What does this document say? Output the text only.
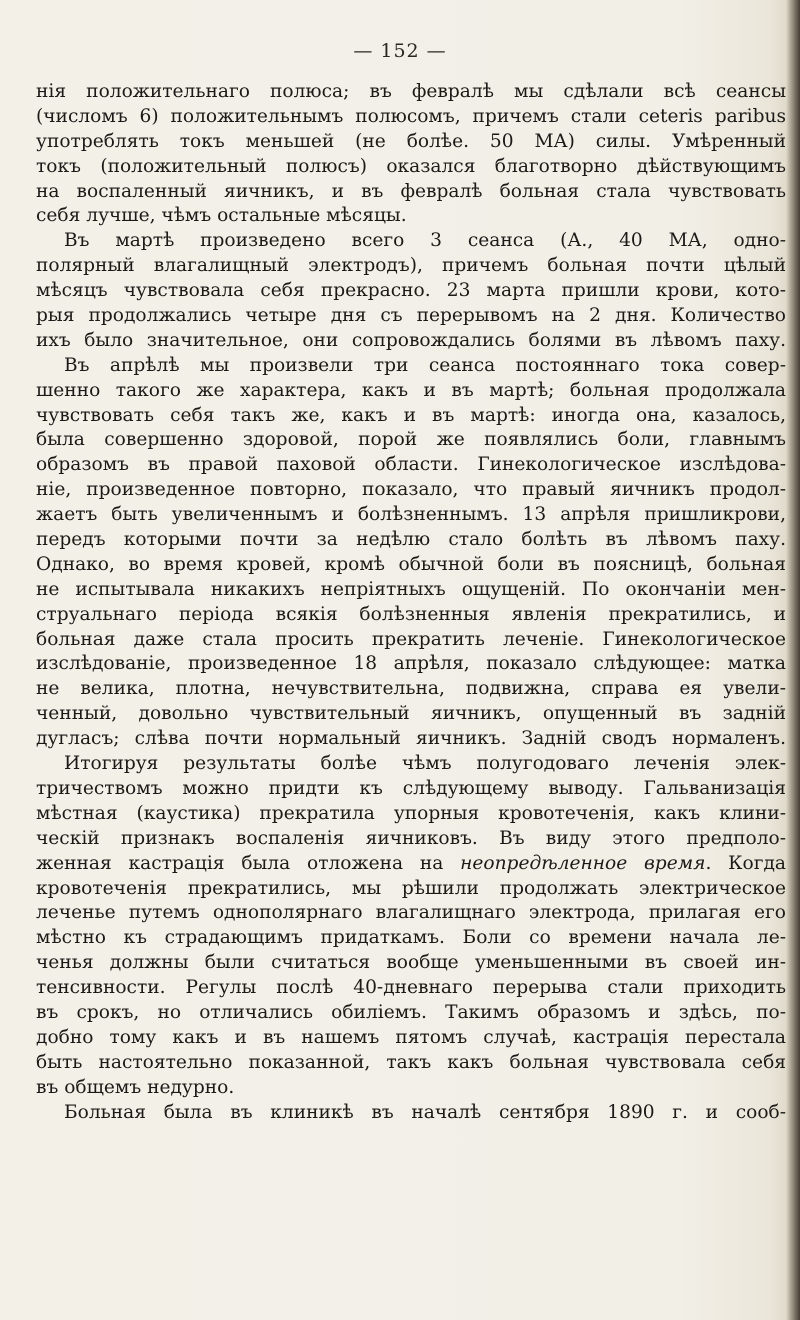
— 152 —
нія положительнаго полюса; въ февралѣ мы сдѣлали всѣ сеансы
(числомъ 6) положительнымъ полюсомъ, причемъ стали ceteris paribus
употреблять токъ меньшей (не болѣе. 50 МА) силы. Умѣренный
токъ (положительный полюсъ) оказался благотворно дѣйствующимъ
на воспаленный яичникъ, и въ февралѣ больная стала чувствовать
себя лучше, чѣмъ остальные мѣсяцы.
Въ мартѣ произведено всего 3 сеанса (А., 40 МА, одно-
полярный влагалищный электродъ), причемъ больная почти цѣлый
мѣсяцъ чувствовала себя прекрасно. 23 марта пришли крови, кото-
рыя продолжались четыре дня съ перерывомъ на 2 дня. Количество
ихъ было значительное, они сопровождались болями въ лѣвомъ паху.
Въ апрѣлѣ мы произвели три сеанса постояннаго тока совер-
шенно такого же характера, какъ и въ мартѣ; больная продолжала
чувствовать себя такъ же, какъ и въ мартѣ: иногда она, казалось,
была совершенно здоровой, порой же появлялись боли, главнымъ
образомъ въ правой паховой области. Гинекологическое изслѣдова-
ніе, произведенное повторно, показало, что правый яичникъ продол-
жаетъ быть увеличеннымъ и болѣзненнымъ. 13 апрѣля пришликрови,
передъ которыми почти за недѣлю стало болѣть въ лѣвомъ паху.
Однако, во время кровей, кромѣ обычной боли въ поясницѣ, больная
не испытывала никакихъ непріятныхъ ощущеній. По окончаніи мен-
струальнаго періода всякія болѣзненныя явленія прекратились, и
больная даже стала просить прекратить леченіе. Гинекологическое
изслѣдованіе, произведенное 18 апрѣля, показало слѣдующее: матка
не велика, плотна, нечувствительна, подвижна, справа ея увели-
ченный, довольно чувствительный яичникъ, опущенный въ задній
дугласъ; слѣва почти нормальный яичникъ. Задній сводъ нормаленъ.
Итогируя результаты болѣе чѣмъ полугодоваго леченія элек-
тричествомъ можно придти къ слѣдующему выводу. Гальванизація
мѣстная (каустика) прекратила упорныя кровотеченія, какъ клини-
ческій признакъ воспаленія яичниковъ. Въ виду этого предполо-
женная кастрація была отложена на неопредѣленное время. Когда
кровотеченія прекратились, мы рѣшили продолжать электрическое
леченье путемъ однополярнаго влагалищнаго электрода, прилагая его
мѣстно къ страдающимъ придаткамъ. Боли со времени начала ле-
ченья должны были считаться вообще уменьшенными въ своей ин-
тенсивности. Регулы послѣ 40-дневнаго перерыва стали приходить
въ срокъ, но отличались обиліемъ. Такимъ образомъ и здѣсь, по-
добно тому какъ и въ нашемъ пятомъ случаѣ, кастрація перестала
быть настоятельно показанной, такъ какъ больная чувствовала себя
въ общемъ недурно.
Больная была въ клиникѣ въ началѣ сентября 1890 г. и сооб-
